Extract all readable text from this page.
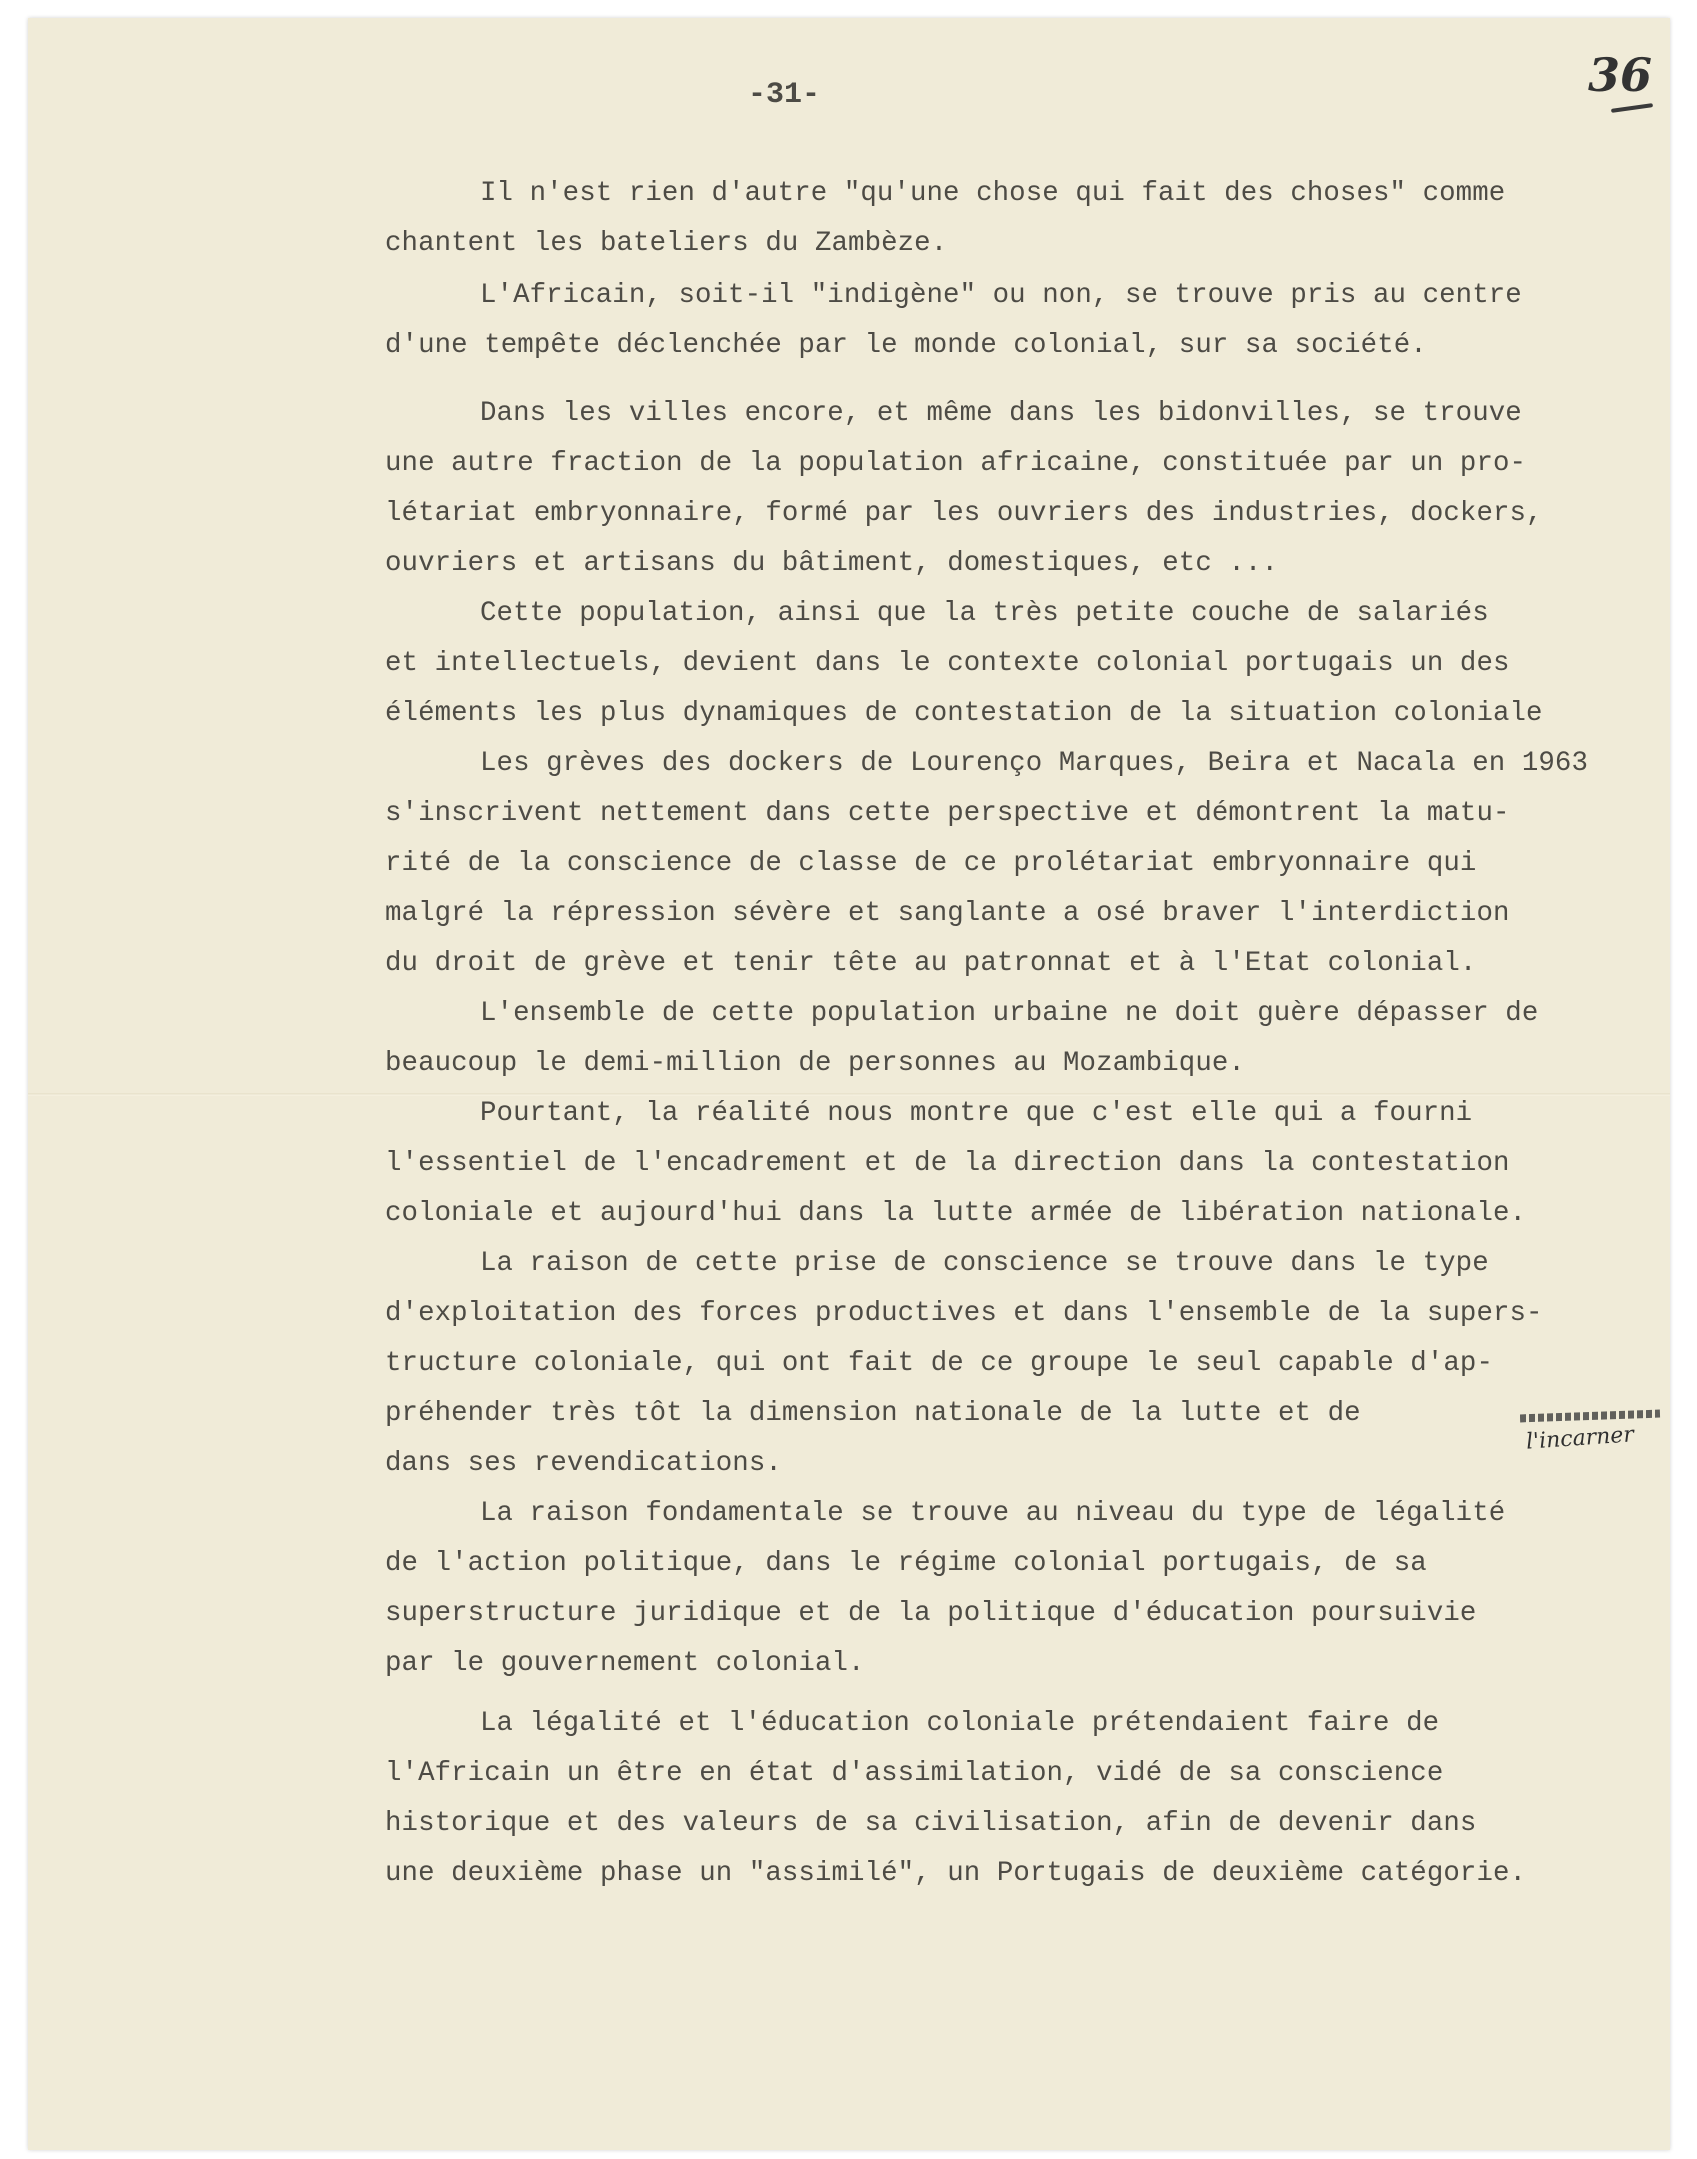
-31-	36
Il n'est rien d'autre "qu'une chose qui fait des choses" comme
chantent les bateliers du Zambèze.
L'Africain, soit-il "indigène" ou non, se trouve pris au centre
d'une tempête déclenchée par le monde colonial, sur sa société.
Dans les villes encore, et même dans les bidonvilles, se trouve
une autre fraction de la population africaine, constituée par un pro-
létariat embryonnaire, formé par les ouvriers des industries, dockers,
ouvriers et artisans du bâtiment, domestiques, etc ...
Cette population, ainsi que la très petite couche de salariés
et intellectuels, devient dans le contexte colonial portugais un des
éléments les plus dynamiques de contestation de la situation coloniale
Les grèves des dockers de Lourenço Marques, Beira et Nacala en 1963
s'inscrivent nettement dans cette perspective et démontrent la matu-
rité de la conscience de classe de ce prolétariat embryonnaire qui
malgré la répression sévère et sanglante a osé braver l'interdiction
du droit de grève et tenir tête au patronnat et à l'Etat colonial.
L'ensemble de cette population urbaine ne doit guère dépasser de
beaucoup le demi-million de personnes au Mozambique.
Pourtant, la réalité nous montre que c'est elle qui a fourni
l'essentiel de l'encadrement et de la direction dans la contestation
coloniale et aujourd'hui dans la lutte armée de libération nationale.
La raison de cette prise de conscience se trouve dans le type
d'exploitation des forces productives et dans l'ensemble de la supers-
tructure coloniale, qui ont fait de ce groupe le seul capable d'ap-
préhender très tôt la dimension nationale de la lutte et de
dans ses revendications.
La raison fondamentale se trouve au niveau du type de légalité
de l'action politique, dans le régime colonial portugais, de sa
superstructure juridique et de la politique d'éducation poursuivie
par le gouvernement colonial.
La légalité et l'éducation coloniale prétendaient faire de
l'Africain un être en état d'assimilation, vidé de sa conscience
historique et des valeurs de sa civilisation, afin de devenir dans
une deuxième phase un "assimilé", un Portugais de deuxième catégorie.
l'incarner
